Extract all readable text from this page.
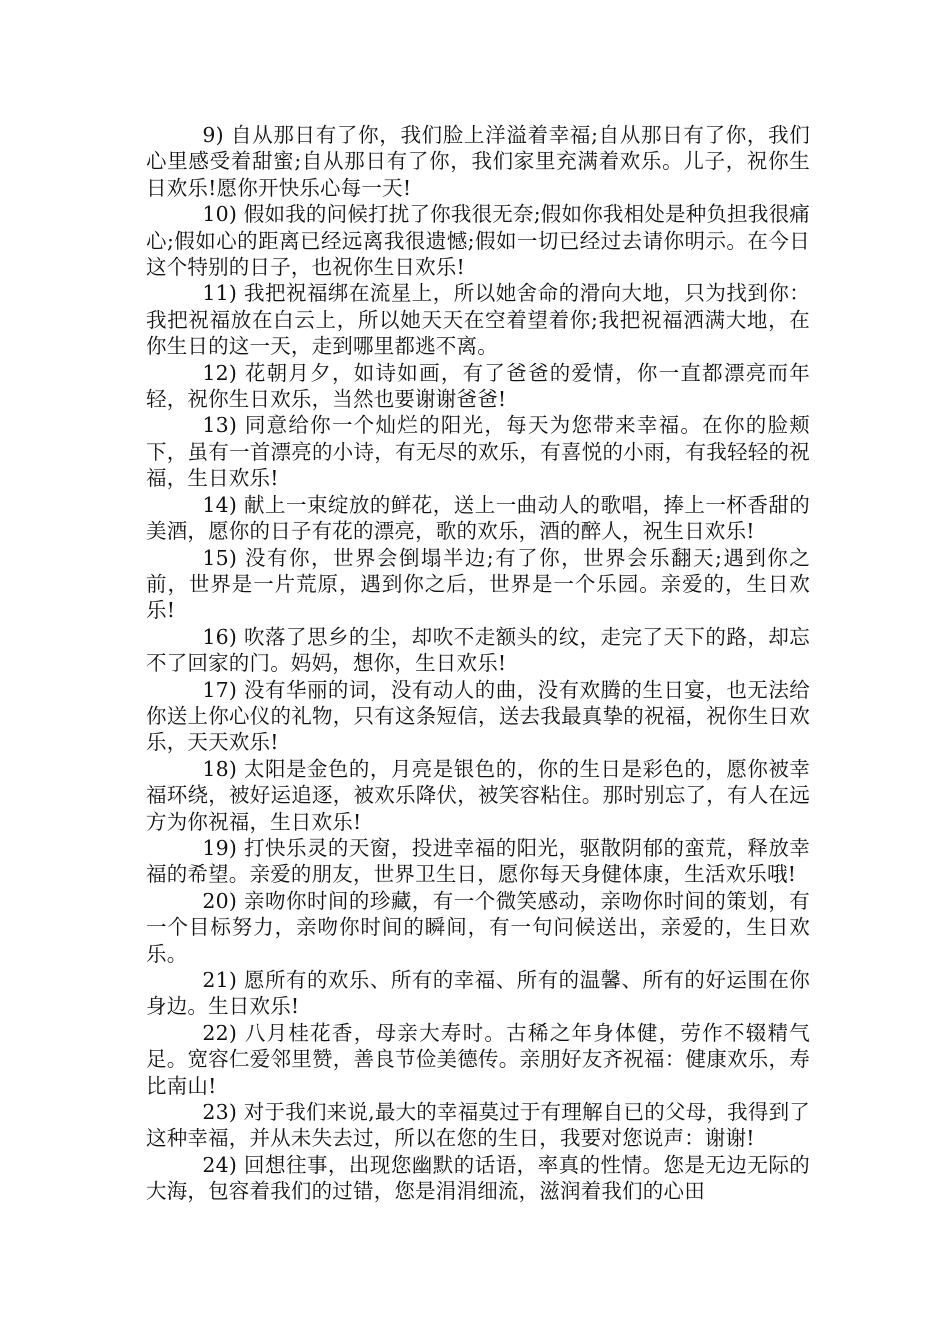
9) 自从那日有了你，我们脸上洋溢着幸福;自从那日有了你，我们心里感受着甜蜜;自从那日有了你，我们家里充满着欢乐。儿子，祝你生日欢乐!愿你开快乐心每一天!

10) 假如我的问候打扰了你我很无奈;假如你我相处是种负担我很痛心;假如心的距离已经远离我很遗憾;假如一切已经过去请你明示。在今日这个特别的日子，也祝你生日欢乐!

11) 我把祝福绑在流星上，所以她舍命的滑向大地，只为找到你：我把祝福放在白云上，所以她天天在空着望着你;我把祝福洒满大地，在你生日的这一天，走到哪里都逃不离。

12) 花朝月夕，如诗如画，有了爸爸的爱情，你一直都漂亮而年轻，祝你生日欢乐，当然也要谢谢爸爸!

13) 同意给你一个灿烂的阳光，每天为您带来幸福。在你的脸颊下，虽有一首漂亮的小诗，有无尽的欢乐，有喜悦的小雨，有我轻轻的祝福，生日欢乐!

14) 献上一束绽放的鲜花，送上一曲动人的歌唱，捧上一杯香甜的美酒，愿你的日子有花的漂亮，歌的欢乐，酒的醉人，祝生日欢乐!

15) 没有你，世界会倒塌半边;有了你，世界会乐翻天;遇到你之前，世界是一片荒原，遇到你之后，世界是一个乐园。亲爱的，生日欢乐!

16) 吹落了思乡的尘，却吹不走额头的纹，走完了天下的路，却忘不了回家的门。妈妈，想你，生日欢乐!

17) 没有华丽的词，没有动人的曲，没有欢腾的生日宴，也无法给你送上你心仪的礼物，只有这条短信，送去我最真挚的祝福，祝你生日欢乐，天天欢乐!

18) 太阳是金色的，月亮是银色的，你的生日是彩色的，愿你被幸福环绕，被好运追逐，被欢乐降伏，被笑容粘住。那时别忘了，有人在远方为你祝福，生日欢乐!

19) 打快乐灵的天窗，投进幸福的阳光，驱散阴郁的蛮荒，释放幸福的希望。亲爱的朋友，世界卫生日，愿你每天身健体康，生活欢乐哦!

20) 亲吻你时间的珍藏，有一个微笑感动，亲吻你时间的策划，有一个目标努力，亲吻你时间的瞬间，有一句问候送出，亲爱的，生日欢乐。

21) 愿所有的欢乐、所有的幸福、所有的温馨、所有的好运围在你身边。生日欢乐!

22) 八月桂花香，母亲大寿时。古稀之年身体健，劳作不辍精气足。宽容仁爱邻里赞，善良节俭美德传。亲朋好友齐祝福：健康欢乐，寿比南山!

23) 对于我们来说,最大的幸福莫过于有理解自已的父母，我得到了这种幸福，并从未失去过，所以在您的生日，我要对您说声：谢谢!

24) 回想往事，出现您幽默的话语，率真的性情。您是无边无际的大海，包容着我们的过错，您是涓涓细流，滋润着我们的心田
